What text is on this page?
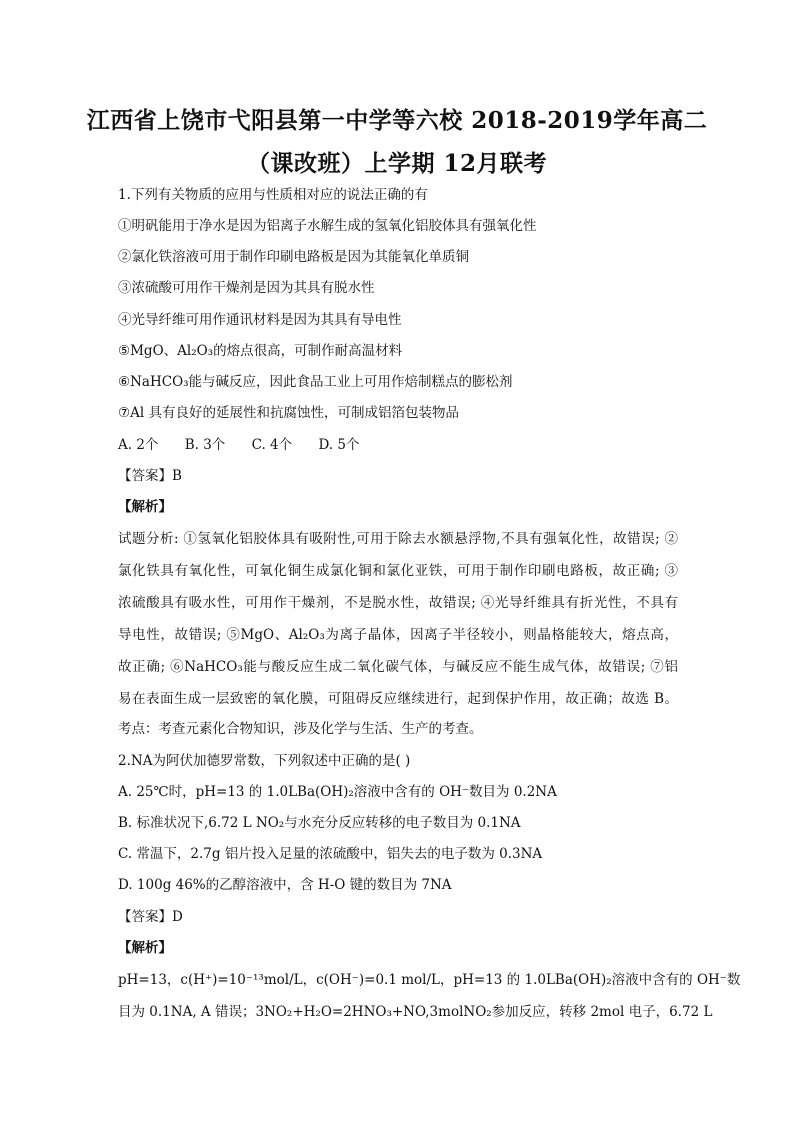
江西省上饶市弋阳县第一中学等六校 2018-2019学年高二
（课改班）上学期 12月联考
1.下列有关物质的应用与性质相对应的说法正确的有
①明矾能用于净水是因为铝离子水解生成的氢氧化铝胶体具有强氧化性
②氯化铁溶液可用于制作印刷电路板是因为其能氧化单质铜
③浓硫酸可用作干燥剂是因为其具有脱水性
④光导纤维可用作通讯材料是因为其具有导电性
⑤MgO、Al₂O₃的熔点很高，可制作耐高温材料
⑥NaHCO₃能与碱反应，因此食品工业上可用作焙制糕点的膨松剂
⑦Al 具有良好的延展性和抗腐蚀性，可制成铝箔包装物品
A. 2个 B. 3个 C. 4个 D. 5个
【答案】B
【解析】
试题分析: ①氢氧化铝胶体具有吸附性,可用于除去水额悬浮物,不具有强氧化性，故错误; ②
氯化铁具有氧化性，可氧化铜生成氯化铜和氯化亚铁，可用于制作印刷电路板，故正确; ③
浓硫酸具有吸水性，可用作干燥剂，不是脱水性，故错误; ④光导纤维具有折光性，不具有
导电性，故错误; ⑤MgO、Al₂O₃为离子晶体，因离子半径较小，则晶格能较大，熔点高，
故正确; ⑥NaHCO₃能与酸反应生成二氧化碳气体，与碱反应不能生成气体，故错误; ⑦铝
易在表面生成一层致密的氧化膜，可阻碍反应继续进行，起到保护作用，故正确；故选 B。
考点：考查元素化合物知识，涉及化学与生活、生产的考查。
2.NA为阿伏加德罗常数，下列叙述中正确的是( )
A. 25℃时，pH=13 的 1.0LBa(OH)₂溶液中含有的 OH⁻数目为 0.2NA
B. 标准状况下,6.72 L NO₂与水充分反应转移的电子数目为 0.1NA
C. 常温下，2.7g 铝片投入足量的浓硫酸中，铝失去的电子数为 0.3NA
D. 100g 46%的乙醇溶液中，含 H-O 键的数目为 7NA
【答案】D
【解析】
pH=13，c(H⁺)=10⁻¹³mol/L，c(OH⁻)=0.1 mol/L，pH=13 的 1.0LBa(OH)₂溶液中含有的 OH⁻数
目为 0.1NA, A 错误；3NO₂+H₂O=2HNO₃+NO,3molNO₂参加反应，转移 2mol 电子，6.72 L
